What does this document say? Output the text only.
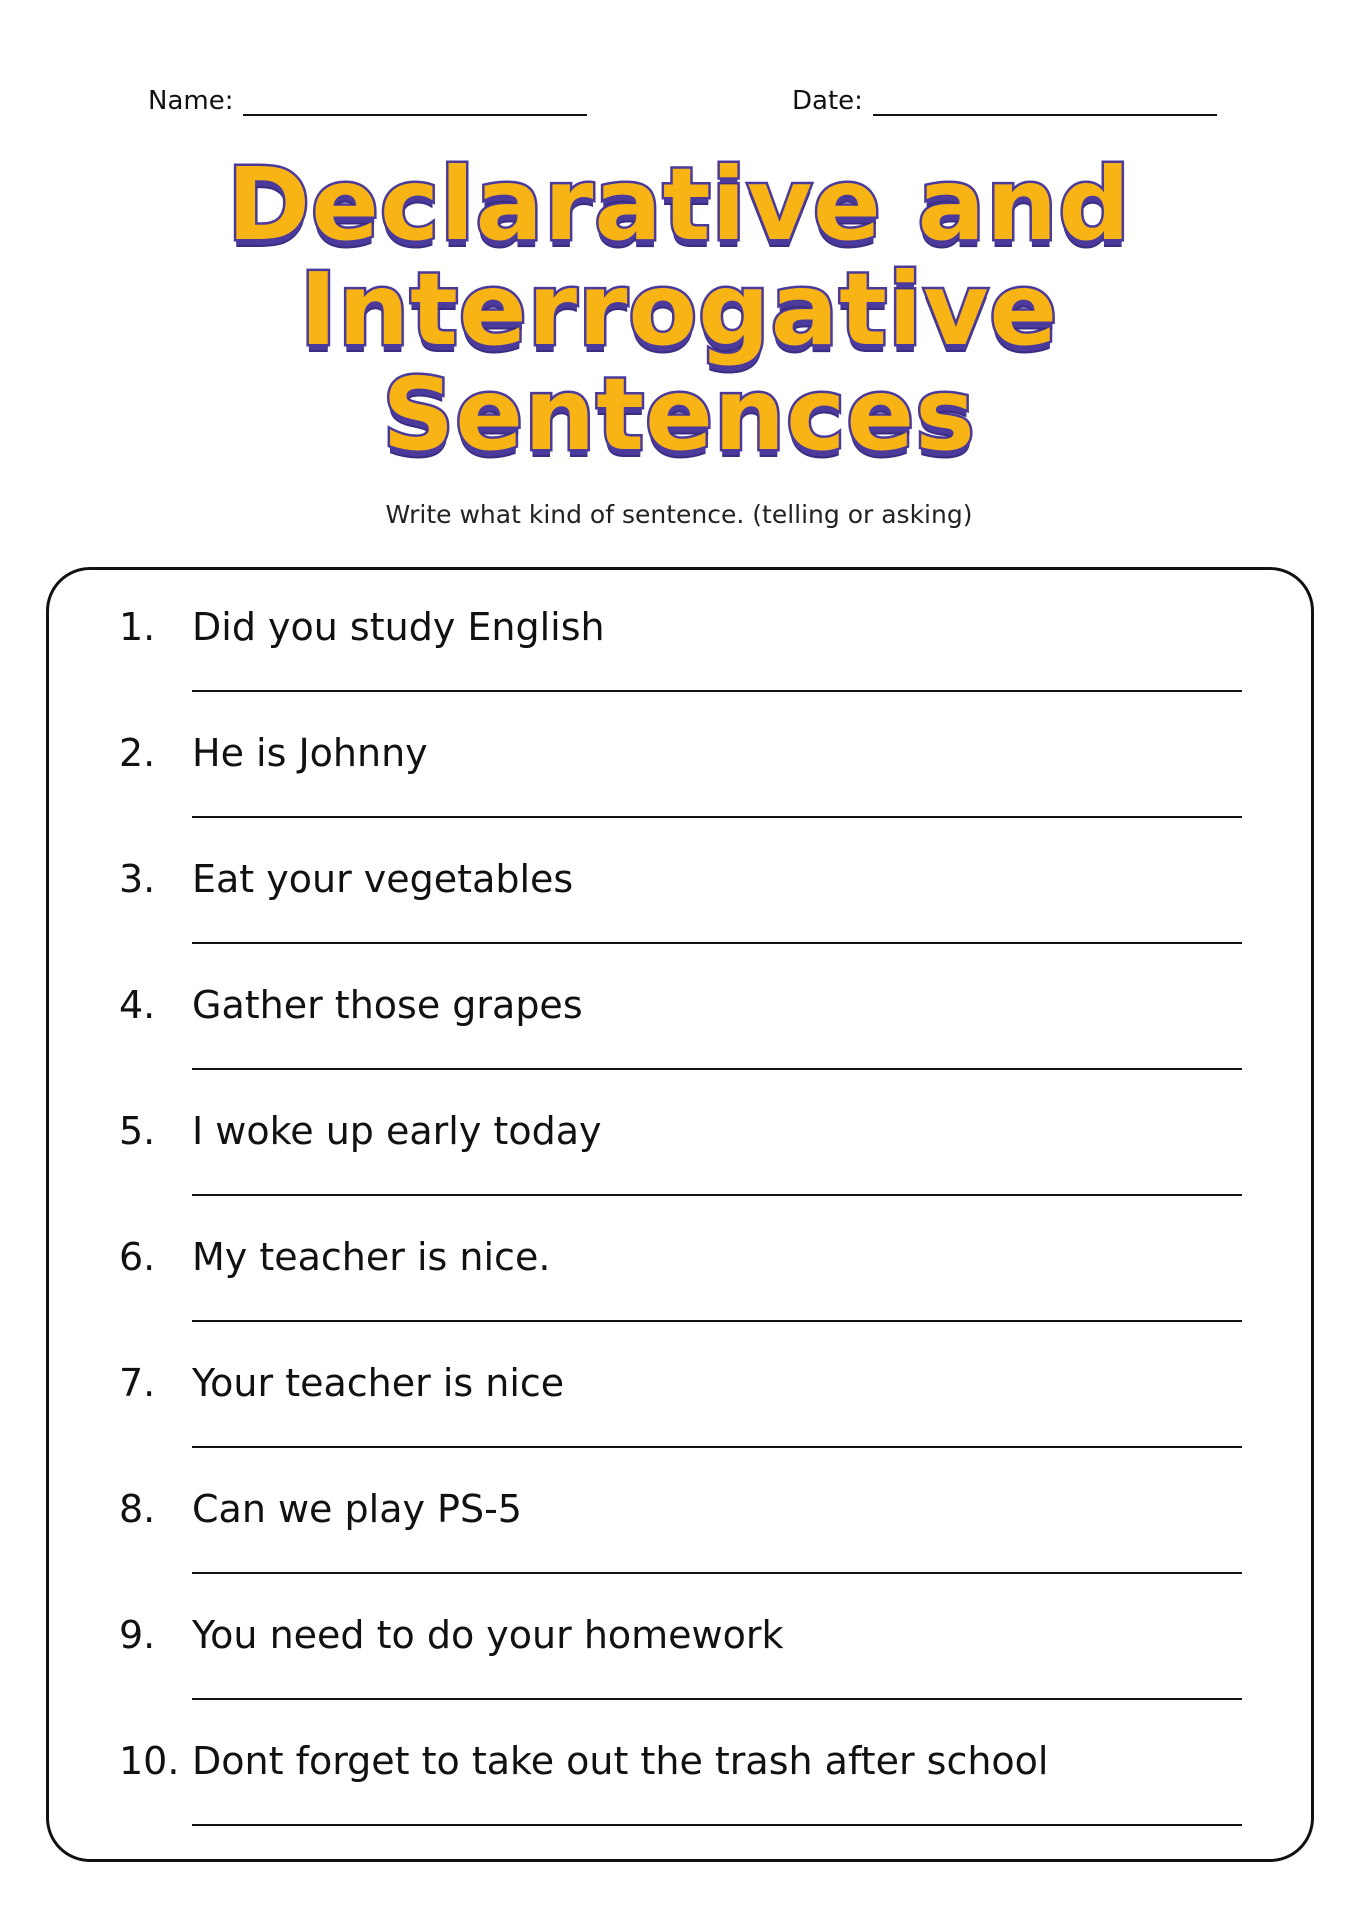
Name:	Date:
Declarative and
Interrogative
Sentences
Write what kind of sentence. (telling or asking)
1. Did you study English
2. He is Johnny
3. Eat your vegetables
4. Gather those grapes
5. I woke up early today
6. My teacher is nice.
7. Your teacher is nice
8. Can we play PS-5
9. You need to do your homework
10. Dont forget to take out the trash after school
